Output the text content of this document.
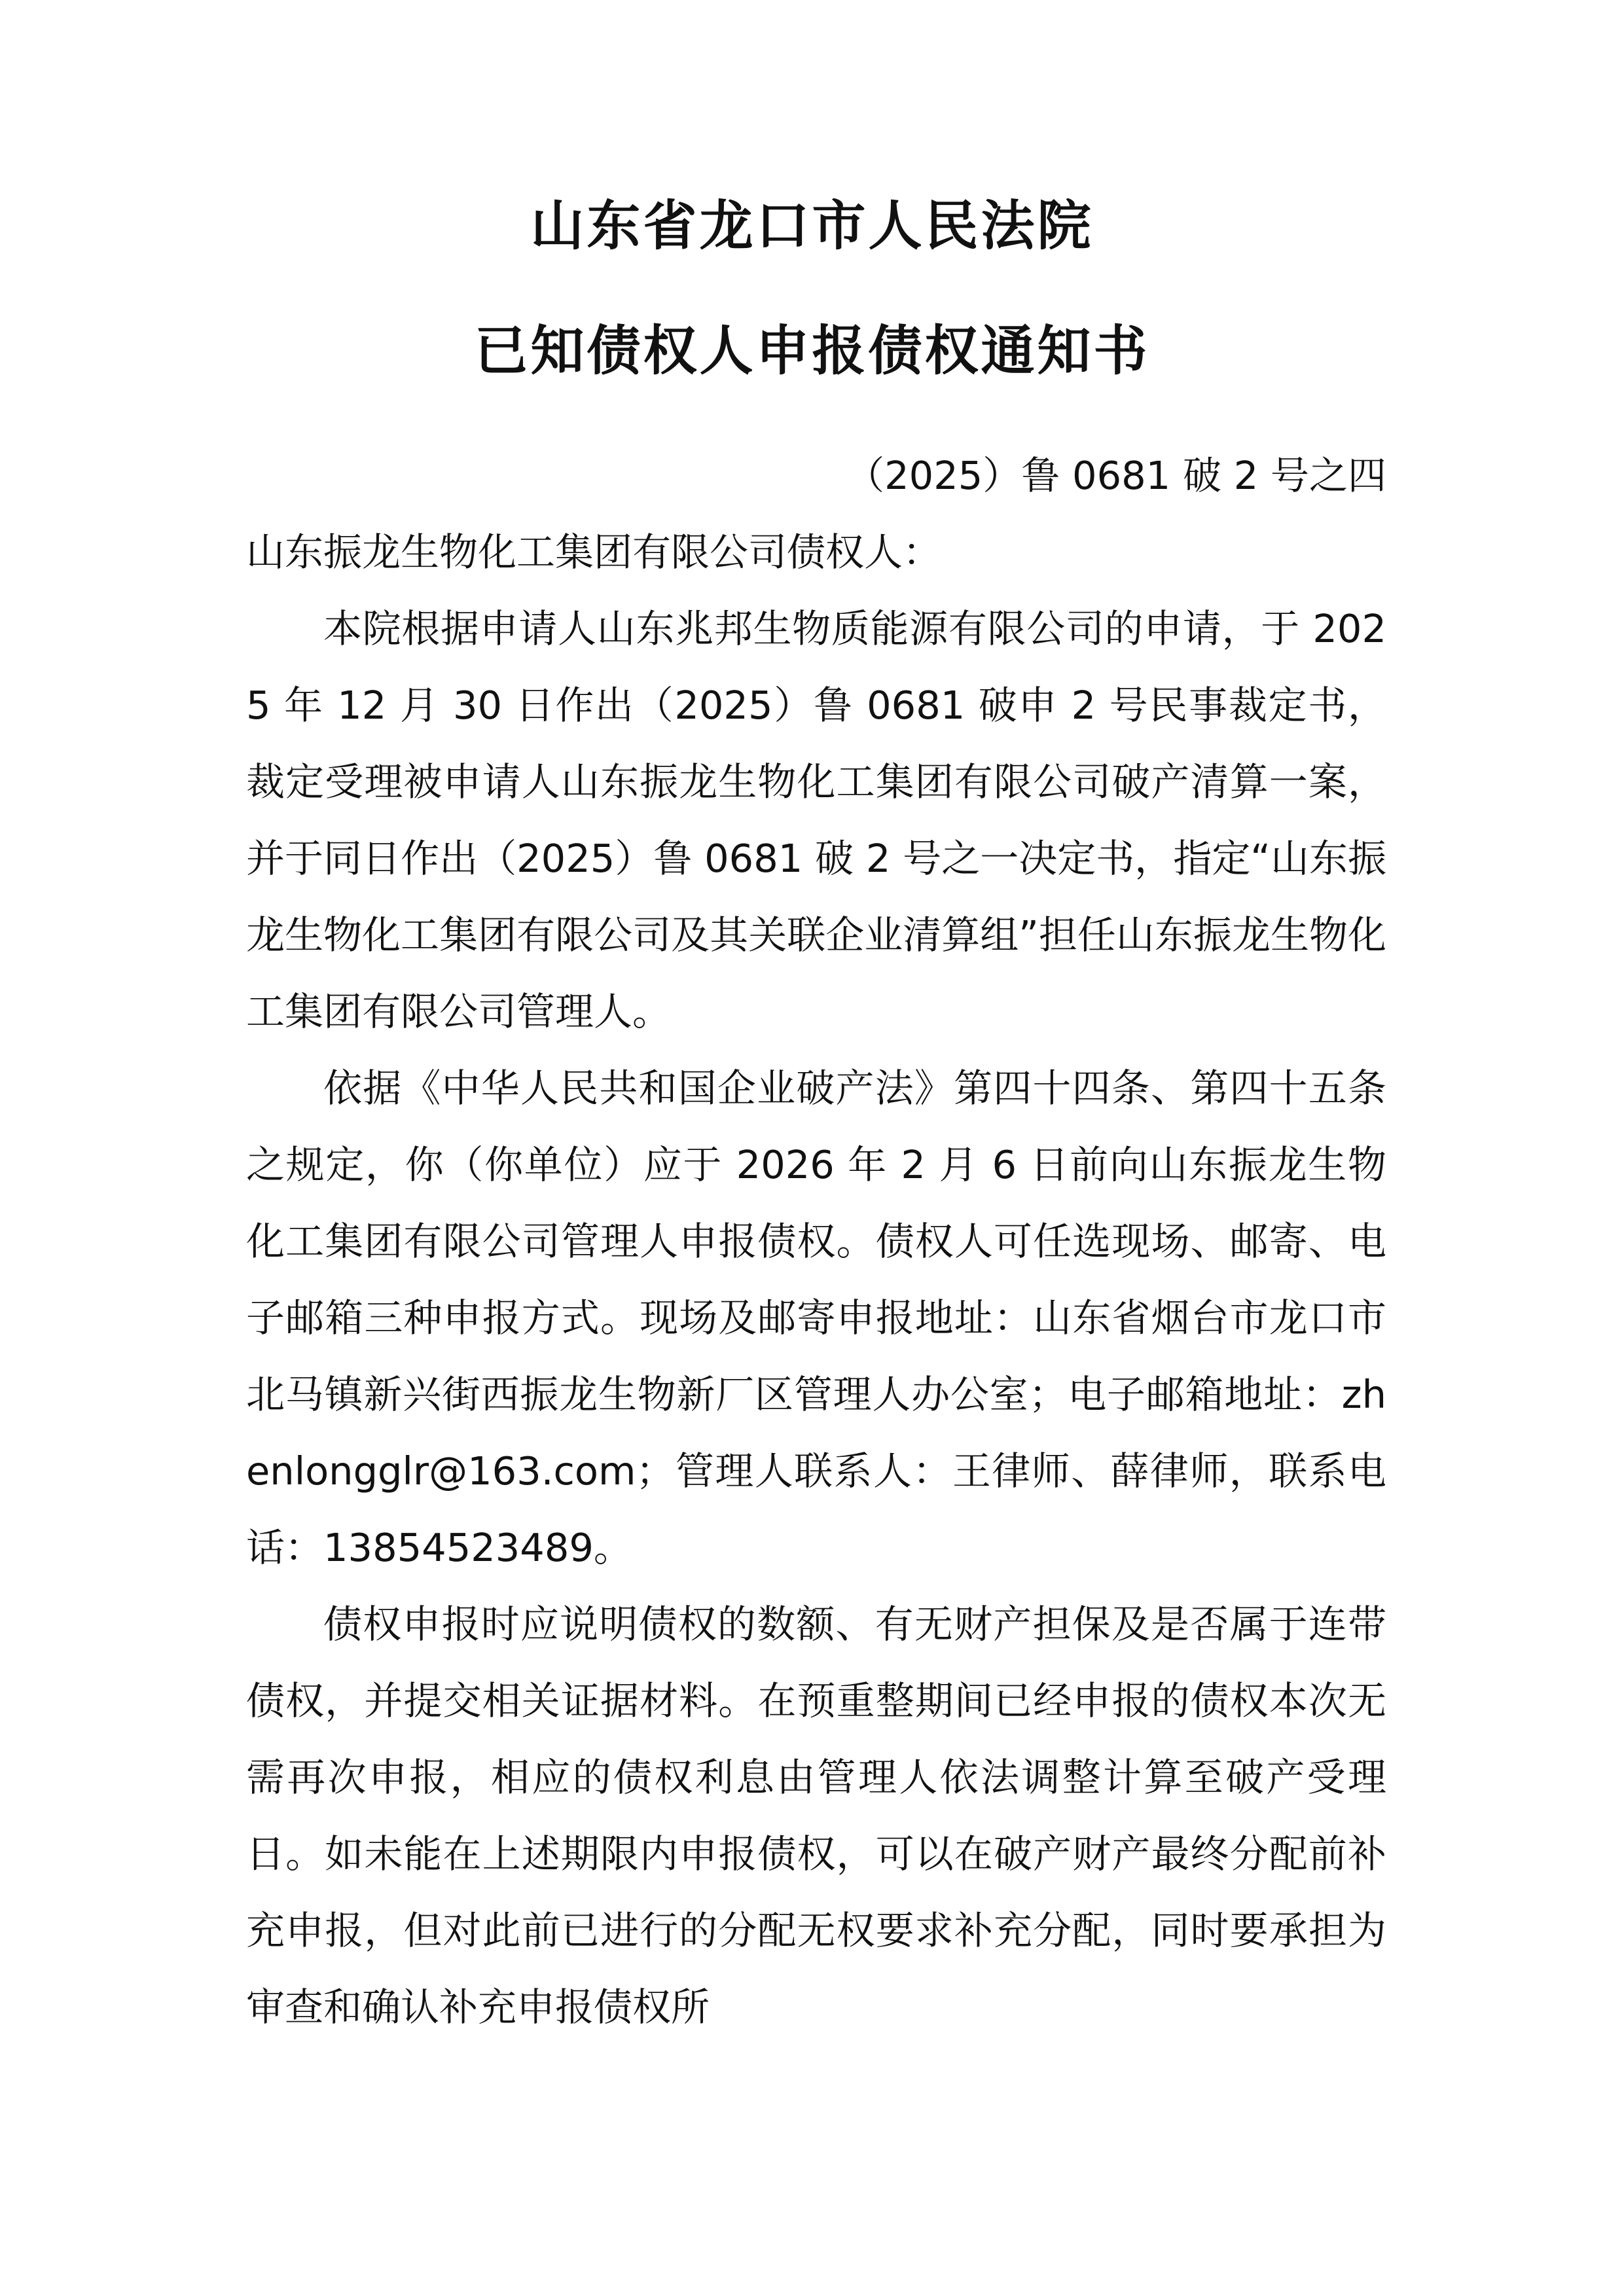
山东省龙口市人民法院
已知债权人申报债权通知书

（2025）鲁 0681 破 2 号之四

山东振龙生物化工集团有限公司债权人：

本院根据申请人山东兆邦生物质能源有限公司的申请，于 2025 年 12 月 30 日作出（2025）鲁 0681 破申 2 号民事裁定书，裁定受理被申请人山东振龙生物化工集团有限公司破产清算一案，并于同日作出（2025）鲁 0681 破 2 号之一决定书，指定“山东振龙生物化工集团有限公司及其关联企业清算组”担任山东振龙生物化工集团有限公司管理人。

依据《中华人民共和国企业破产法》第四十四条、第四十五条之规定，你（你单位）应于 2026 年 2 月 6 日前向山东振龙生物化工集团有限公司管理人申报债权。债权人可任选现场、邮寄、电子邮箱三种申报方式。现场及邮寄申报地址：山东省烟台市龙口市北马镇新兴街西振龙生物新厂区管理人办公室；电子邮箱地址：zhenlongglr@163.com；管理人联系人：王律师、薛律师，联系电话：13854523489。

债权申报时应说明债权的数额、有无财产担保及是否属于连带债权，并提交相关证据材料。在预重整期间已经申报的债权本次无需再次申报，相应的债权利息由管理人依法调整计算至破产受理日。如未能在上述期限内申报债权，可以在破产财产最终分配前补充申报，但对此前已进行的分配无权要求补充分配，同时要承担为审查和确认补充申报债权所
